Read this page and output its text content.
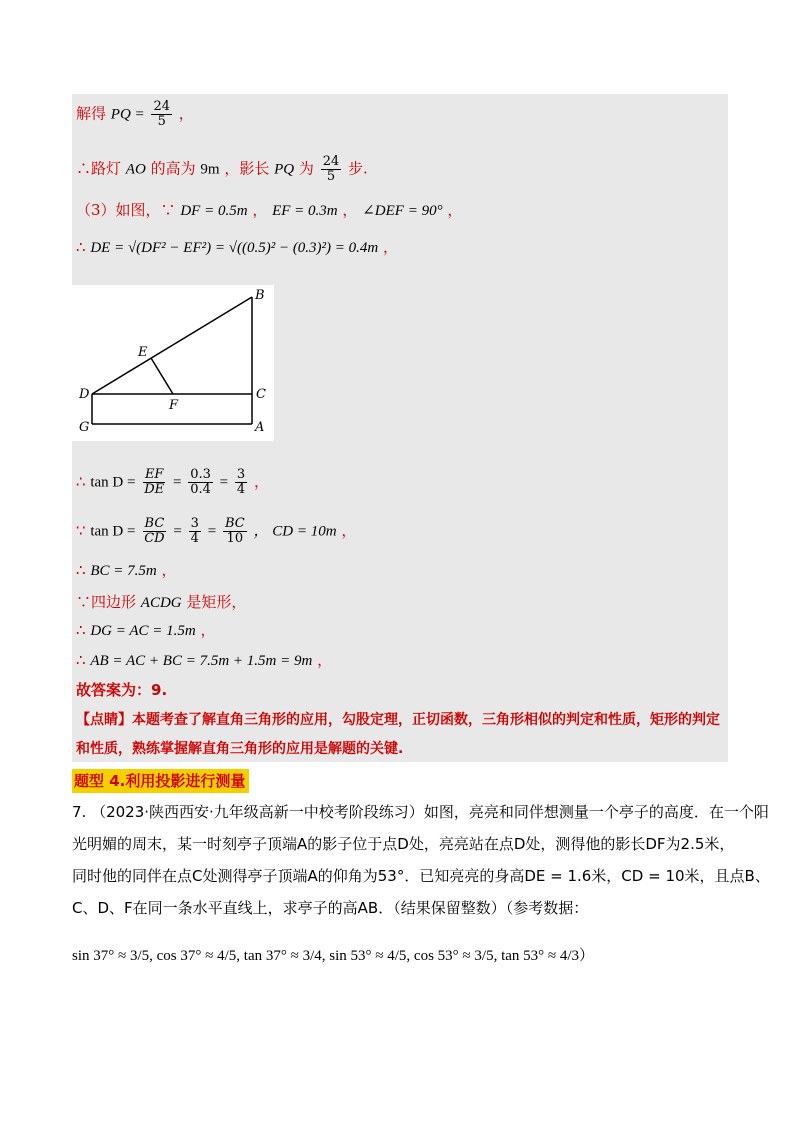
解得 PQ = $\frac{24}{5}$ ，
∴路灯 AO 的高为 9m ，影长 PQ 为 $\frac{24}{5}$ 步.
（3）如图，∵ DF = 0.5m ， EF = 0.3m ， ∠DEF = 90° ，
∴ DE = √(DF² − EF²) = √((0.5)² − (0.3)²) = 0.4m ，
B
E
D	C
F
G	A
∴ $\tan D = \frac{EF}{DE} = \frac{0.3}{0.4} = \frac{3}{4}$ ，
∵ $\tan D = \frac{BC}{CD} = \frac{3}{4} = \frac{BC}{10}$ ， CD = 10m ，
∴ BC = 7.5m ，
∵四边形 ACDG 是矩形，
∴ DG = AC = 1.5m ，
∴ AB = AC + BC = 7.5m + 1.5m = 9m ，
故答案为：9.
【点睛】本题考查了解直角三角形的应用，勾股定理，正切函数，三角形相似的判定和性质，矩形的判定
和性质，熟练掌握解直角三角形的应用是解题的关键.
题型 4.利用投影进行测量
7. （2023·陕西西安·九年级高新一中校考阶段练习）如图，亮亮和同伴想测量一个亭子的高度．在一个阳
光明媚的周末，某一时刻亭子顶端A的影子位于点D处，亮亮站在点D处，测得他的影长DF为2.5米，
同时他的同伴在点C处测得亭子顶端A的仰角为53°．已知亮亮的身高DE = 1.6米，CD = 10米，且点B、
C、D、F在同一条水平直线上，求亭子的高AB．（结果保留整数）（参考数据：
sin 37° ≈ 3/5, cos 37° ≈ 4/5, tan 37° ≈ 3/4, sin 53° ≈ 4/5, cos 53° ≈ 3/5, tan 53° ≈ 4/3）
